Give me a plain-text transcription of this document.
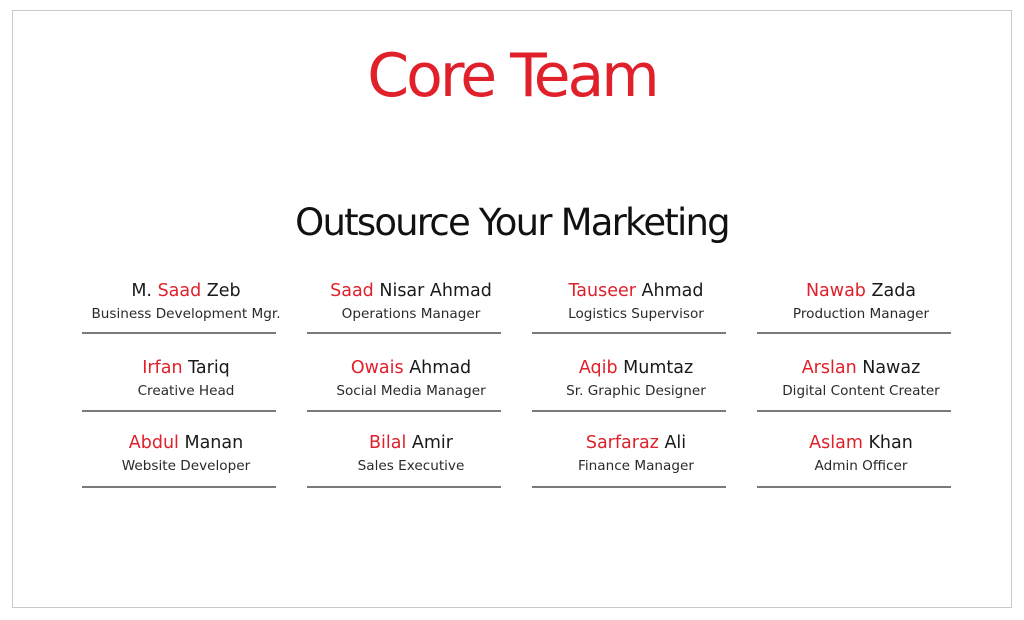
Core Team
Outsource Your Marketing
M. Saad Zeb
Business Development Mgr.
Saad Nisar Ahmad
Operations Manager
Tauseer Ahmad
Logistics Supervisor
Nawab Zada
Production Manager
Irfan Tariq
Creative Head
Owais Ahmad
Social Media Manager
Aqib Mumtaz
Sr. Graphic Designer
Arslan Nawaz
Digital Content Creater
Abdul Manan
Website Developer
Bilal Amir
Sales Executive
Sarfaraz Ali
Finance Manager
Aslam Khan
Admin Officer
